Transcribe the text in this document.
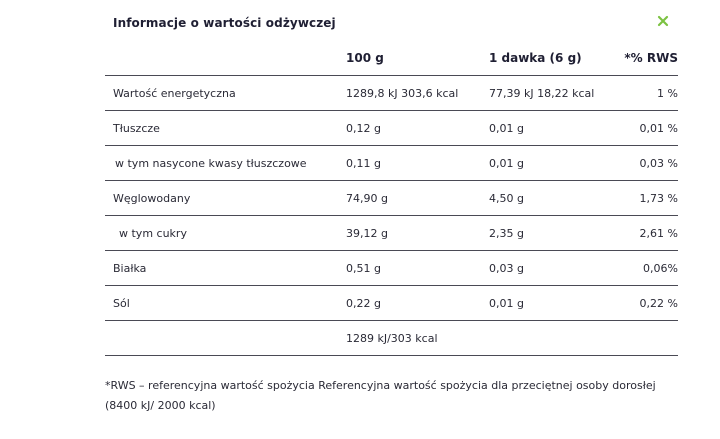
Informacje o wartości odżywczej
100 g	1 dawka (6 g)	*% RWS
Wartość energetyczna	1289,8 kJ 303,6 kcal	77,39 kJ 18,22 kcal	1 %
Tłuszcze	0,12 g	0,01 g	0,01 %
w tym nasycone kwasy tłuszczowe	0,11 g	0,01 g	0,03 %
Węglowodany	74,90 g	4,50 g	1,73 %
w tym cukry	39,12 g	2,35 g	2,61 %
Białka	0,51 g	0,03 g	0,06%
Sól	0,22 g	0,01 g	0,22 %
1289 kJ/303 kcal
*RWS – referencyjna wartość spożycia Referencyjna wartość spożycia dla przeciętnej osoby dorosłej (8400 kJ/ 2000 kcal)
